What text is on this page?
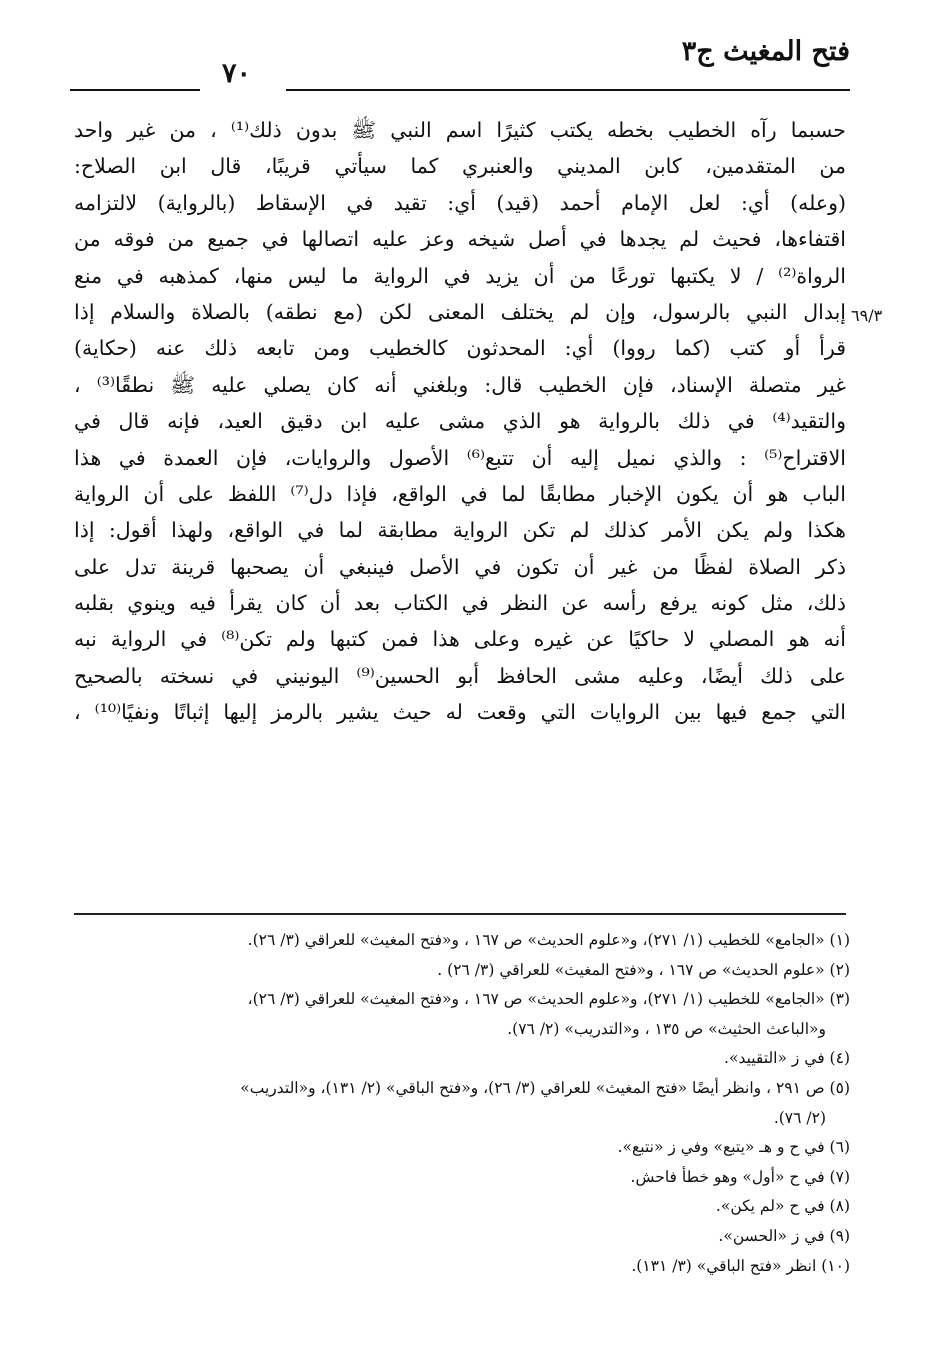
فتح المغيث ج٣
٧٠
٦٩/٣
حسبما رآه الخطيب بخطه يكتب كثيرًا اسم النبي ﷺ بدون ذلك⁽¹⁾ ، من غير واحد
من المتقدمين، كابن المديني والعنبري كما سيأتي قريبًا، قال ابن الصلاح:
(وعله) أي: لعل الإمام أحمد (قيد) أي: تقيد في الإسقاط (بالرواية) لالتزامه
اقتفاءها، فحيث لم يجدها في أصل شيخه وعز عليه اتصالها في جميع من فوقه من
الرواة⁽²⁾ / لا يكتبها تورعًا من أن يزيد في الرواية ما ليس منها، كمذهبه في منع
إبدال النبي بالرسول، وإن لم يختلف المعنى لكن (مع نطقه) بالصلاة والسلام إذا
قرأ أو كتب (كما رووا) أي: المحدثون كالخطيب ومن تابعه ذلك عنه (حكاية)
غير متصلة الإسناد، فإن الخطيب قال: وبلغني أنه كان يصلي عليه ﷺ نطقًا⁽³⁾ ،
والتقيد⁽⁴⁾ في ذلك بالرواية هو الذي مشى عليه ابن دقيق العيد، فإنه قال في
الاقتراح⁽⁵⁾ : والذي نميل إليه أن تتبع⁽⁶⁾ الأصول والروايات، فإن العمدة في هذا
الباب هو أن يكون الإخبار مطابقًا لما في الواقع، فإذا دل⁽⁷⁾ اللفظ على أن الرواية
هكذا ولم يكن الأمر كذلك لم تكن الرواية مطابقة لما في الواقع، ولهذا أقول: إذا
ذكر الصلاة لفظًا من غير أن تكون في الأصل فينبغي أن يصحبها قرينة تدل على
ذلك، مثل كونه يرفع رأسه عن النظر في الكتاب بعد أن كان يقرأ فيه وينوي بقلبه
أنه هو المصلي لا حاكيًا عن غيره وعلى هذا فمن كتبها ولم تكن⁽⁸⁾ في الرواية نبه
على ذلك أيضًا، وعليه مشى الحافظ أبو الحسين⁽⁹⁾ اليونيني في نسخته بالصحيح
التي جمع فيها بين الروايات التي وقعت له حيث يشير بالرمز إليها إثباتًا ونفيًا⁽¹⁰⁾ ،
(١) «الجامع» للخطيب (١/ ٢٧١)، و«علوم الحديث» ص ١٦٧ ، و«فتح المغيث» للعراقي (٣/ ٢٦).
(٢) «علوم الحديث» ص ١٦٧ ، و«فتح المغيث» للعراقي (٣/ ٢٦) .
(٣) «الجامع» للخطيب (١/ ٢٧١)، و«علوم الحديث» ص ١٦٧ ، و«فتح المغيث» للعراقي (٣/ ٢٦)،
و«الباعث الحثيث» ص ١٣٥ ، و«التدريب» (٢/ ٧٦).
(٤) في ز «التقييد».
(٥) ص ٢٩١ ، وانظر أيضًا «فتح المغيث» للعراقي (٣/ ٢٦)، و«فتح الباقي» (٢/ ١٣١)، و«التدريب»
(٢/ ٧٦).
(٦) في ح و هـ «يتبع» وفي ز «نتبع».
(٧) في ح «أول» وهو خطأ فاحش.
(٨) في ح «لم يكن».
(٩) في ز «الحسن».
(١٠) انظر «فتح الباقي» (٣/ ١٣١).
